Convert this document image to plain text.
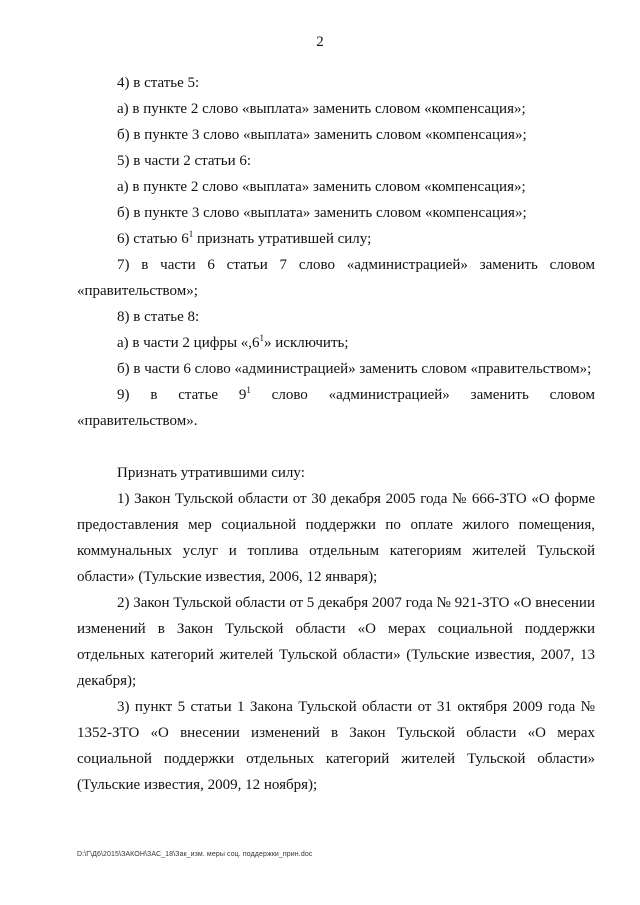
2

4) в статье 5:

а) в пункте 2 слово «выплата» заменить словом «компенсация»;

б) в пункте 3 слово «выплата» заменить словом «компенсация»;

5) в части 2 статьи 6:

а) в пункте 2 слово «выплата» заменить словом «компенсация»;

б) в пункте 3 слово «выплата» заменить словом «компенсация»;

6) статью $6^1$ признать утратившей силу;

7) в части 6 статьи 7 слово «администрацией» заменить словом «правительством»;

8) в статье 8:

а) в части 2 цифры «$,6^1$» исключить;

б) в части 6 слово «администрацией» заменить словом «правительством»;

9) в статье $9^1$ слово «администрацией» заменить словом «правительством».

Признать утратившими силу:

1) Закон Тульской области от 30 декабря 2005 года № 666-ЗТО «О форме предоставления мер социальной поддержки по оплате жилого помещения, коммунальных услуг и топлива отдельным категориям жителей Тульской области» (Тульские известия, 2006, 12 января);

2) Закон Тульской области от 5 декабря 2007 года № 921-ЗТО «О внесении изменений в Закон Тульской области «О мерах социальной поддержки отдельных категорий жителей Тульской области» (Тульские известия, 2007, 13 декабря);

3) пункт 5 статьи 1 Закона Тульской области от 31 октября 2009 года № 1352-ЗТО «О внесении изменений в Закон Тульской области «О мерах социальной поддержки отдельных категорий жителей Тульской области» (Тульские известия, 2009, 12 ноября);

D:\Г\Д6\2015\ЗАКОН\ЗАС_18\Зак_изм. меры соц. поддержки_прин.doc
